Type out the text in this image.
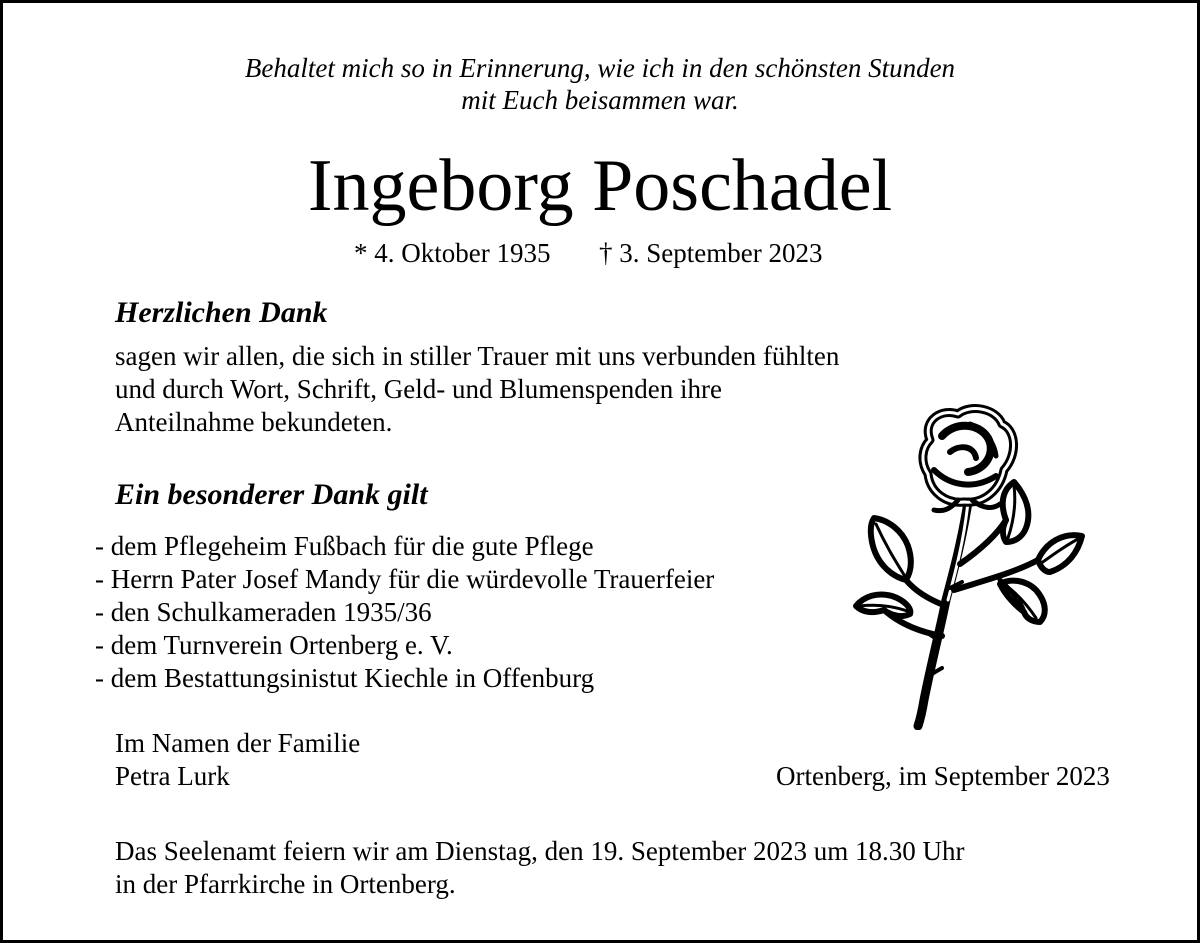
Behaltet mich so in Erinnerung, wie ich in den schönsten Stunden
mit Euch beisammen war.
Ingeborg Poschadel
* 4. Oktober 1935 † 3. September 2023
Herzlichen Dank
sagen wir allen, die sich in stiller Trauer mit uns verbunden fühlten
und durch Wort, Schrift, Geld- und Blumenspenden ihre
Anteilnahme bekundeten.
Ein besonderer Dank gilt
- dem Pflegeheim Fußbach für die gute Pflege
- Herrn Pater Josef Mandy für die würdevolle Trauerfeier
- den Schulkameraden 1935/36
- dem Turnverein Ortenberg e. V.
- dem Bestattungsinistut Kiechle in Offenburg
Im Namen der Familie
Petra Lurk	Ortenberg, im September 2023
Das Seelenamt feiern wir am Dienstag, den 19. September 2023 um 18.30 Uhr
in der Pfarrkirche in Ortenberg.
